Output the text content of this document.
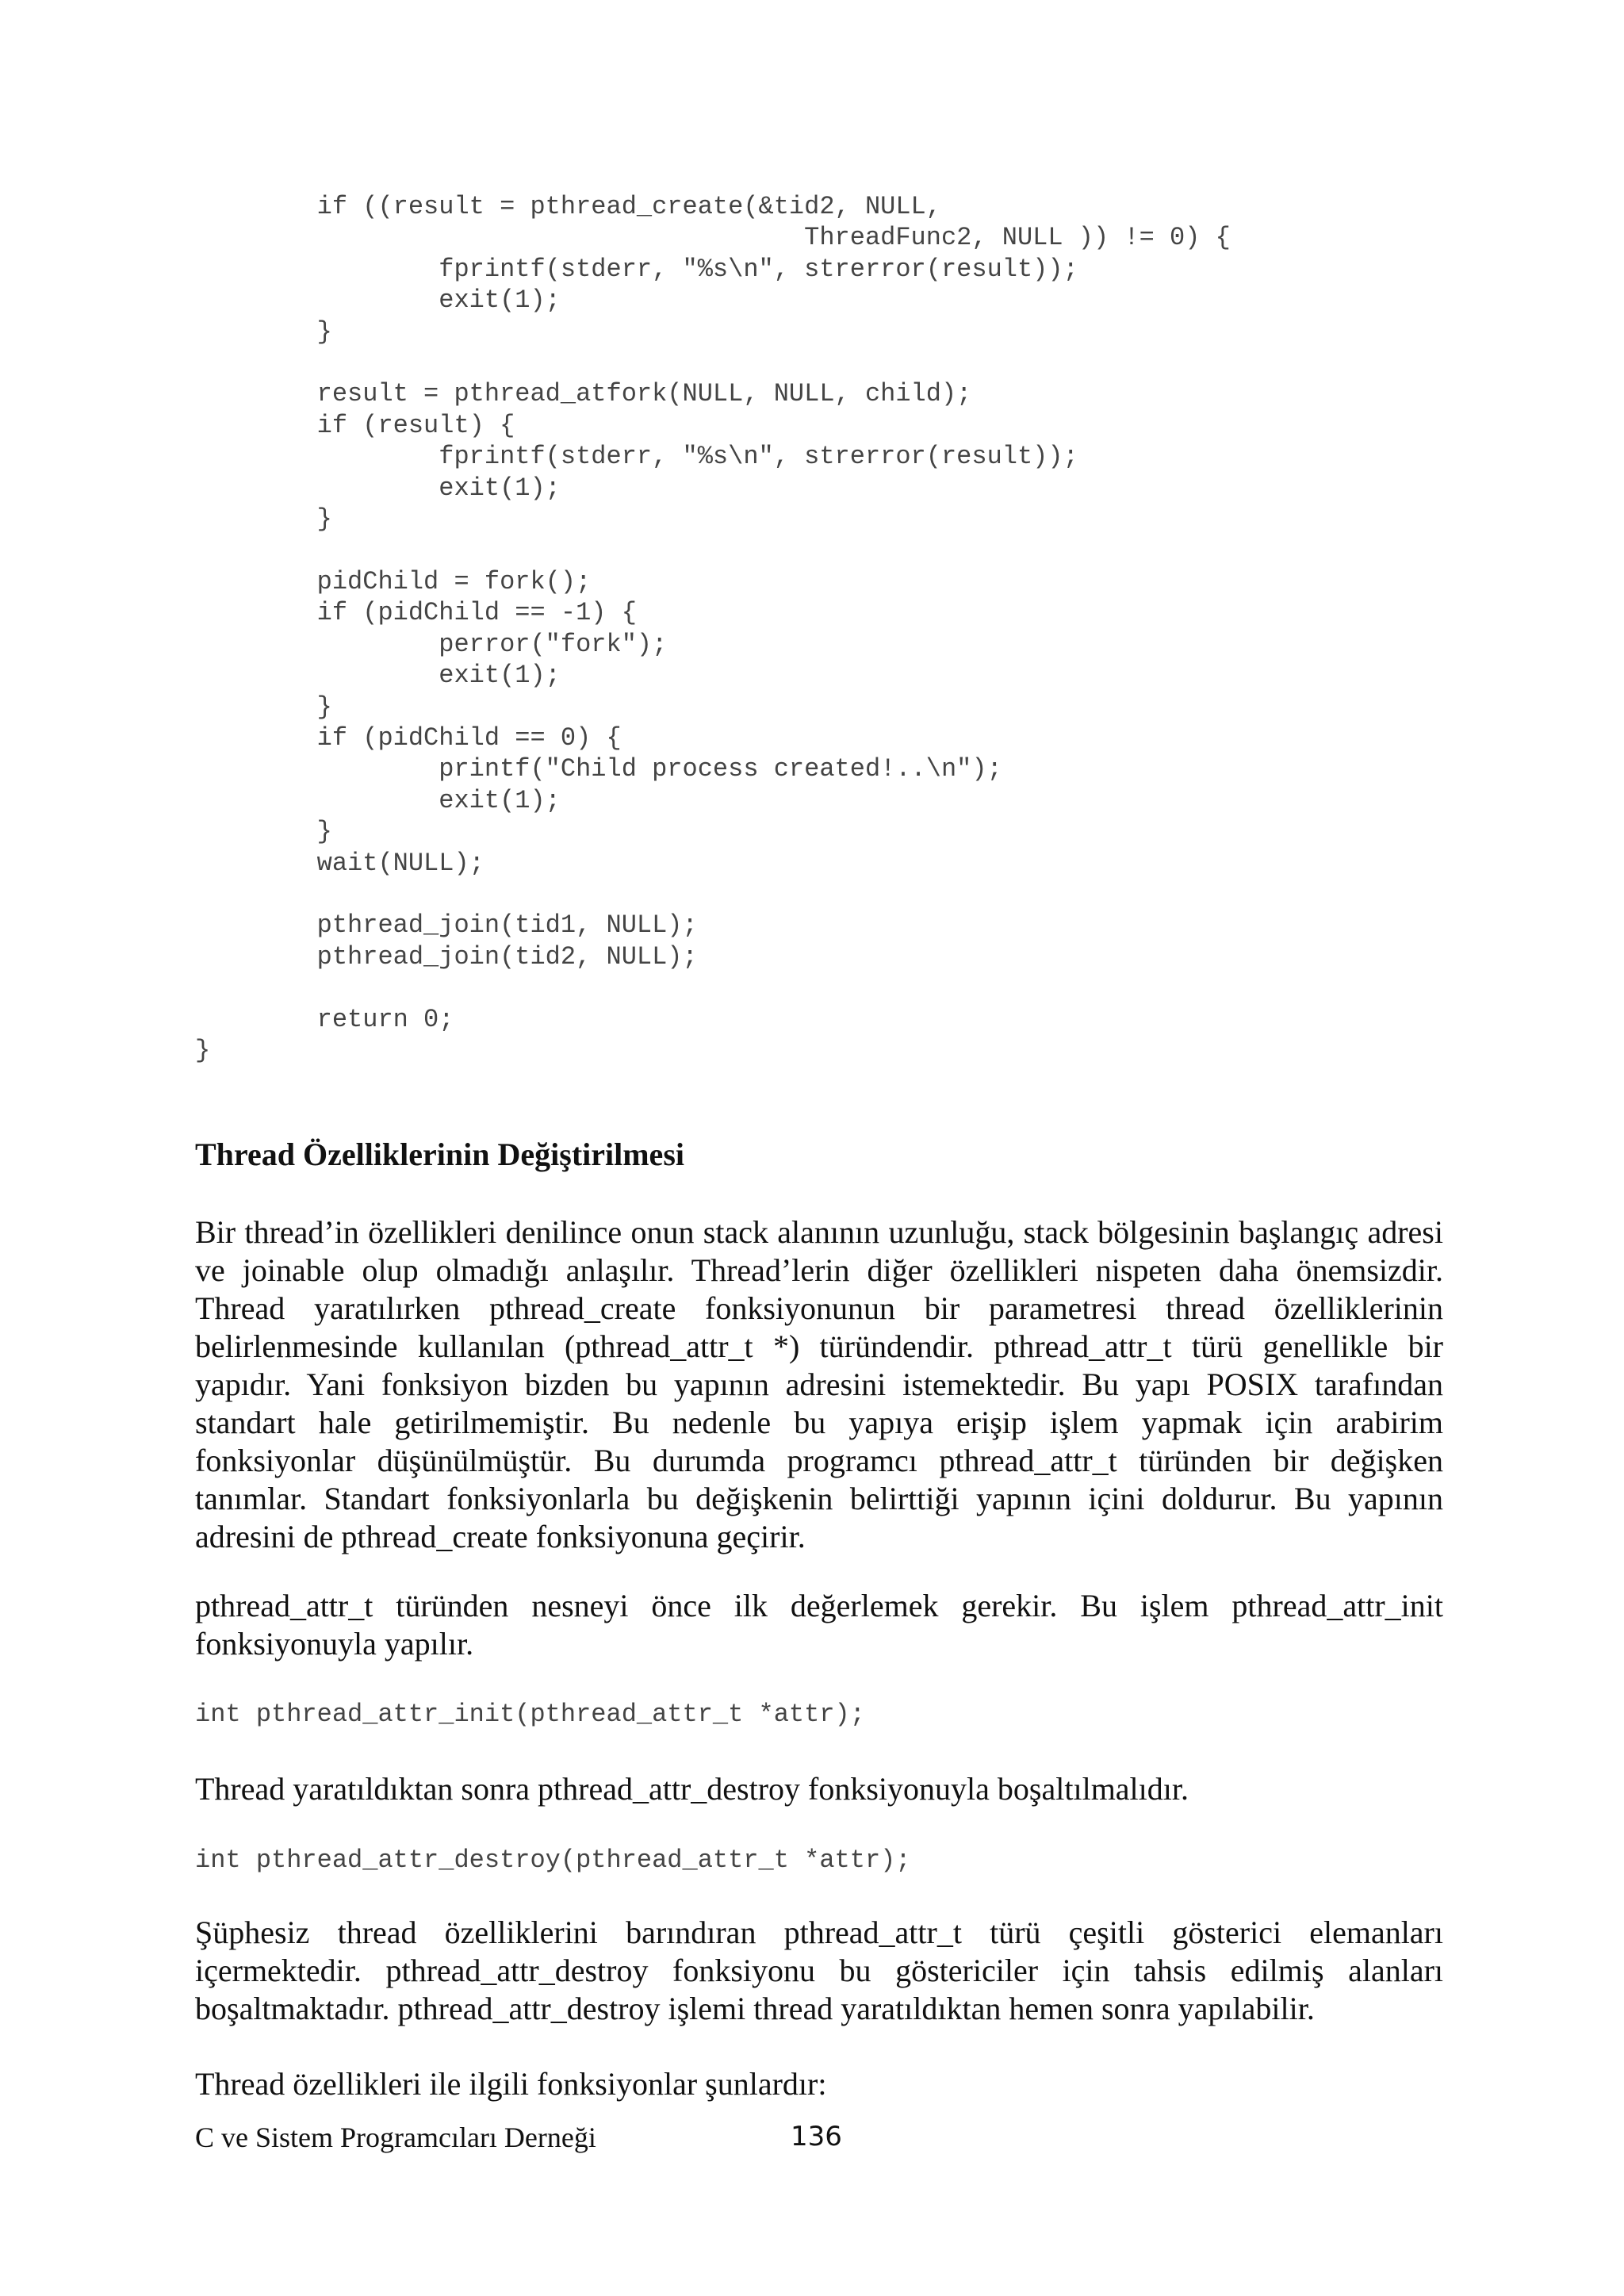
if ((result = pthread_create(&tid2, NULL,
ThreadFunc2, NULL )) != 0) {
fprintf(stderr, "%s\n", strerror(result));
exit(1);
}

result = pthread_atfork(NULL, NULL, child);
if (result) {
fprintf(stderr, "%s\n", strerror(result));
exit(1);
}

pidChild = fork();
if (pidChild == -1) {
perror("fork");
exit(1);
}
if (pidChild == 0) {
printf("Child process created!..\n");
exit(1);
}
wait(NULL);

pthread_join(tid1, NULL);
pthread_join(tid2, NULL);

return 0;
}
Thread Özelliklerinin Değiştirilmesi

Bir thread’in özellikleri denilince onun stack alanının uzunluğu, stack bölgesinin başlangıç adresi ve joinable olup olmadığı anlaşılır. Thread’lerin diğer özellikleri nispeten daha önemsizdir. Thread yaratılırken pthread_create fonksiyonunun bir parametresi thread özelliklerinin belirlenmesinde kullanılan (pthread_attr_t *) türündendir. pthread_attr_t türü genellikle bir yapıdır. Yani fonksiyon bizden bu yapının adresini istemektedir. Bu yapı POSIX tarafından standart hale getirilmemiştir. Bu nedenle bu yapıya erişip işlem yapmak için arabirim fonksiyonlar düşünülmüştür. Bu durumda programcı pthread_attr_t türünden bir değişken tanımlar. Standart fonksiyonlarla bu değişkenin belirttiği yapının içini doldurur. Bu yapının adresini de pthread_create fonksiyonuna geçirir.

pthread_attr_t türünden nesneyi önce ilk değerlemek gerekir. Bu işlem pthread_attr_init fonksiyonuyla yapılır.

int pthread_attr_init(pthread_attr_t *attr);

Thread yaratıldıktan sonra pthread_attr_destroy fonksiyonuyla boşaltılmalıdır.

int pthread_attr_destroy(pthread_attr_t *attr);

Şüphesiz thread özelliklerini barındıran pthread_attr_t türü çeşitli gösterici elemanları içermektedir. pthread_attr_destroy fonksiyonu bu göstericiler için tahsis edilmiş alanları boşaltmaktadır. pthread_attr_destroy işlemi thread yaratıldıktan hemen sonra yapılabilir.

Thread özellikleri ile ilgili fonksiyonlar şunlardır:

C ve Sistem Programcıları Derneği	136
